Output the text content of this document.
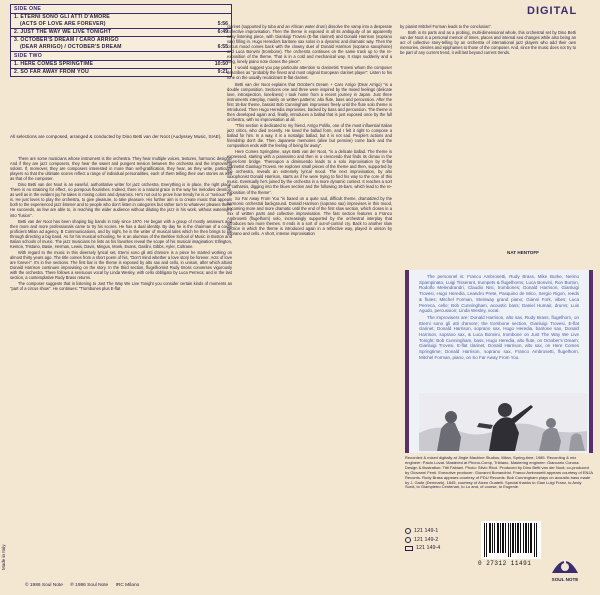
SIDE ONE
1. ETERNI SONO GLI ATTI D'AMORE
(ACTS OF LOVE ARE FOREVER)	5:56
2. JUST THE WAY WE LIVE TONIGHT	6:49
3. OCTOBER'S DREAM / CARO ARRIGO
(DEAR ARRIGO) / OCTOBER'S DREAM	6:55
SIDE TWO
1. HERE COMES SPRINGTIME	10:50
2. SO FAR AWAY FROM YOU	9:21
All selections are composed, arranged & conducted by Dino Betti van der Noot (Audyssey Music, SIAE).

There are some musicians whose instrument is the orchestra. They hear multiple voices, textures, harmonic designs. And if they are jazz composers, they hear the sweet and pungent tension between the orchestra and the improvising soloist. If, moreover, they are composers interested in more than self-gratification, they hear, as they write, particular players so that the ultimate scores reflect a range of individual personalities, each of them telling their own stories as well as that of the composer.

Dino Betti van der Noot is an easeful, authoritative writer for jazz orchestra. Everything is in place, the right place. There is no straining for effect, no pompous flourishes. Indeed, there is a natural grace in the way his melodies develop, as well as in the evident joy he takes in mixing colors and dynamics. He's not out to prove how trendy he is or "serious" he is. He just loves to play the orchestra, to give pleasure, to take pleasure. His further aim is to create music that appeals both to the experienced jazz listener and to people who don't listen in categories but rather turn to whatever pleases them. He succeeds, as few are able to, in reaching the wider audience without diluting the jazz in his work, without watering it into "fusion".

Betti van der Noot has been shaping big bands in Italy since 1970. He began with a group of mostly amateurs and then more and more professionals came to try his scores. He has a dual identity. By day he is the chairman of a costly proficient Milan ad agency, B Communications, and by night, he is the writer of musical tales which he then brings to life through directing a big band. As for his musical schooling, he is an alumnus of the Berklee School of Music in Boston and Italian schools of music. The jazz musicians he lists as his favorites reveal the scope of his musical imagination: Ellington, Kenton, Tristano, Basie, Herman, Lewis, Davis, Mingus, Monk, Evans, Gaslini, Gibbs, Ayler, Coltrane.

With regard to the music in this diversely lyrical set, Eterni sono gli atti d'amore is a piece he started working on almost thirty years ago. The title comes from a short poem of his, "Don't mind whether a love story be forever. Acts of love are forever". It's in five sections. The first bar is the theme is exposed by alto sax and cello, in unison, after which altoist Donald Harrison continues improvising on the story. In the third section, flugelhornist Rudy Bross converses vigorously with the orchestra. There follows a sensuous vocal by Linda Wesley, with cello obbligato by Luca Perreca; and in the last section, a contemplative Rudy Brass returns.

The composer suggests that in listening to Just The Way We Live Tonight you consider certain kinds of moments as "part of a circus show". He continues: "Trombones plus E-flat

clarinet (supported by tuba and an African water drum) dissolve the vamp into a desperate collective improvisation. Then the theme is exposed in all its ambiguity of an apparently easy listening piece, with Gianluigi Trovesi (E-flat clarinet) and Donald Harrison (soprano sax) filling in. Hugo Heredia's baritone sax solos in a dynamic and dramatic way. Then the circus mood comes back with the clowny duet of Donald Harrison (soprano saxophone) and Luca Bonvini (trombone). The orchestra continues on the same track up to the re-exposition of the theme. That is in a cold and mechanical way. It stops suddenly and a long, lonely piano note closes the piece".

I would suggest you pay particular attention to clarinetist Trovesi whom the composer describes as "probably the finest and most original European clarinet player". Listen to his tone on the usually recalcitrant E-flat clarinet.

Betti van der Noot explains that October's Dream + Caro Arrigo (Dear Arrigo) "is a double composition. Sections one and three were inspired by the mixed feelings (delicate love, introspection, loneliness) I took home from a recent journey in Japan. Just three instruments interplay, mainly on written patterns: alto flute, bass and percussion. After the first 16-bar theme, bassist Bob Cunningham improvises freely until the flute solo theme is introduced. Then Hugo Heredia improvises, backed by bass and percussion. The theme is then developed again and, finally, introduces a ballad that is just exposed once by the full orchestra, with no improvisation at all.

"This section is dedicated to my friend, Arrigo Polillo, one of the most influential Italian jazz critics, who died recently. He loved the ballad form, and I felt it right to compose a ballad for him. In a way, it is a nostalgic ballad, but it is not sad. People's actions and friendship don't die. Then Japanese memories (alive but pensive) come back and the composition ends with the feeling of being far away".

Here Comes Springtime, says Betti van der Noot, "is a delicate ballad. The theme is expressed, starting with a pianissimo and then in a crescendo that finds its climax in the blues-form bridge. Thereupon a diminuendo leads to a solo improvisation by E-flat clarinetist Gianluigi Trovesi. He explores small pieces of the theme and then, supported by the orchestra, reveals an extremely lyrical mood. The next improvisation, by alto saxophonist Donald Harrison, starts as if he were trying to find his way to the core of this music. Eventually he's joined by the orchestra in a more dynamic context. It reaches a sort of catharsis, digging into the blues section and the following 16-bars, which lead to the re-exposition of the theme".

So Far Away From You "is based on a quite sad, difficult theme, dramatized by the harmonic orchestral background. Donald Harrison (soprano sax) improvises in this mood, becoming more and more dramatic until the end of the first slow section, which closes in a mix of written parts and collective improvisation. The fast section features a Franco Ambrosetti (flugelhorn) solo, increasingly supported by the orchestral interplay that introduces two more themes. It ends in a sort of out-of-control cry. Back to another slow section in which the theme is introduced again in a reflective way, played in unison by soprano and cello. A short, intense improvisation

DIGITAL

by pianist Mitchel Forman leads to the conclusion".

Both in its parts and as a probing, multi-dimensional whole, this orchestral set by Dino Betti van der Noot is a personal memoir of times, places and internal sea changes while also being an act of collective story-telling by an orchestra of international jazz players who add their own memories, desires and epiphanies to those of the composer. And, since the music does not try to be part of any current trend, it will last beyond current trends.

NAT HENTOFF

The personnel is: Franco Ambrosetti, Rudy Brass, Mike Burke, Nerino Spampinato, Luigi Tisserant, trumpets & flugelhorns; Luca Bonvini, Ron Burton, Rodolfo Melendrandri, Claudio Nisi, trombones; Donald Harrison, Gianluigi Trovesi, Hugo Heredia, Leandro Prete, Pasquino de Mico, Sergio Rigon, reeds & flutes; Mitchel Forman, Steinway grand piano; Gianni Fork, vibes; Luca Perreca, cello; Bob Cunningham, acoustic bass; Daniel Humair, drums; Luis Agudo, percussion; Linda Wesley, vocal.

The improvisers are: Donald Harrison, alto sax, Rudy Brass, flugelhorn, on Eterni sono gli atti d'amore; the trombone section, Gianluigi Trovesi, E-flat clarinet, Donald Harrison, soprano sax, Hugo Heredia, baritone sax, Donald Harrison, soprano sax, & Luca Bonvini, trombone on Just The Way We Live Tonight; Bob Cunningham, bass, Hugo Heredia, alto flute, on October's Dream; Gianluigi Trovesi, E-flat clarinet, Donald Harrison, alto sax, on Here Comes Springtime; Donald Harrison, soprano sax, Franco Ambrosetti, flugelhorn, Mitchel Forman, piano, on So Far Away From You.

Recorded & mixed digitally at Jingle Machine Studios, Milan, Spring-time, 1985. Recording & mix engineer: Paolo Lovat. Mastered at Phono-Comp, Tribiano. Mastering engineer: Giancarlo Corona. Design & illustration: Titti Fabiani. Photo: Silvio Ricci. Produced by Dino Betti van der Noot; co-produced by Giovanni Fenti. Executive producer: Giovanni Bonandrini. Franco Ambrosetti appears courtesy of ENJA Records. Rudy Brass appears courtesy of PDU Records. Bob Cunningham plays on acoustic bass made by J. Gade (Denmark), 1845, courtesy of Alceo Guatelli. Special thanks to Gian Luigi Franz, to Andy Surdi, to Giampietro Centenari, to Lo and, of course, to Eugenie.
121 149-1
121 149-2
121 149-4
0 27312 11491
SOUL NOTE
Made in Italy
© 1986 Soul Note ℗ 1986 Soul Note IRC Milano
